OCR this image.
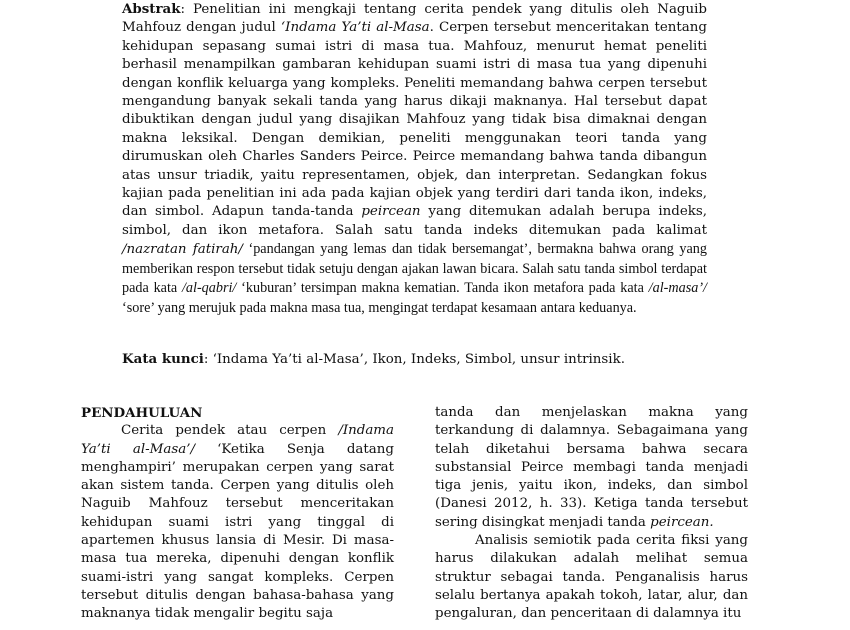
Abstrak: Penelitian ini mengkaji tentang cerita pendek yang ditulis oleh Naguib Mahfouz dengan judul ‘Indama Ya’ti al-Masa. Cerpen tersebut menceritakan tentang kehidupan sepasang sumai istri di masa tua. Mahfouz, menurut hemat peneliti berhasil menampilkan gambaran kehidupan suami istri di masa tua yang dipenuhi dengan konflik keluarga yang kompleks. Peneliti memandang bahwa cerpen tersebut mengandung banyak sekali tanda yang harus dikaji maknanya. Hal tersebut dapat dibuktikan dengan judul yang disajikan Mahfouz yang tidak bisa dimaknai dengan makna leksikal. Dengan demikian, peneliti menggunakan teori tanda yang dirumuskan oleh Charles Sanders Peirce. Peirce memandang bahwa tanda dibangun atas unsur triadik, yaitu representamen, objek, dan interpretan. Sedangkan fokus kajian pada penelitian ini ada pada kajian objek yang terdiri dari tanda ikon, indeks, dan simbol. Adapun tanda-tanda peircean yang ditemukan adalah berupa indeks, simbol, dan ikon metafora. Salah satu tanda indeks ditemukan pada kalimat /nazratan fatirah/ ‘pandangan yang lemas dan tidak bersemangat’, bermakna bahwa orang yang memberikan respon tersebut tidak setuju dengan ajakan lawan bicara. Salah satu tanda simbol terdapat pada kata /al-qabri/ ‘kuburan’ tersimpan makna kematian. Tanda ikon metafora pada kata /al-masa’/ ‘sore’ yang merujuk pada makna masa tua, mengingat terdapat kesamaan antara keduanya.

Kata kunci: ‘Indama Ya’ti al-Masa’, Ikon, Indeks, Simbol, unsur intrinsik.

PENDAHULUAN

Cerita pendek atau cerpen /Indama Ya’ti al-Masa’/ ‘Ketika Senja datang menghampiri’ merupakan cerpen yang sarat akan sistem tanda. Cerpen yang ditulis oleh Naguib Mahfouz tersebut menceritakan kehidupan suami istri yang tinggal di apartemen khusus lansia di Mesir. Di masa-masa tua mereka, dipenuhi dengan konflik suami-istri yang sangat kompleks. Cerpen tersebut ditulis dengan bahasa-bahasa yang maknanya tidak mengalir begitu saja

tanda dan menjelaskan makna yang terkandung di dalamnya. Sebagaimana yang telah diketahui bersama bahwa secara substansial Peirce membagi tanda menjadi tiga jenis, yaitu ikon, indeks, dan simbol (Danesi 2012, h. 33). Ketiga tanda tersebut sering disingkat menjadi tanda peircean.

Analisis semiotik pada cerita fiksi yang harus dilakukan adalah melihat semua struktur sebagai tanda. Penganalisis harus selalu bertanya apakah tokoh, latar, alur, dan pengaluran, dan penceritaan di dalamnya itu
